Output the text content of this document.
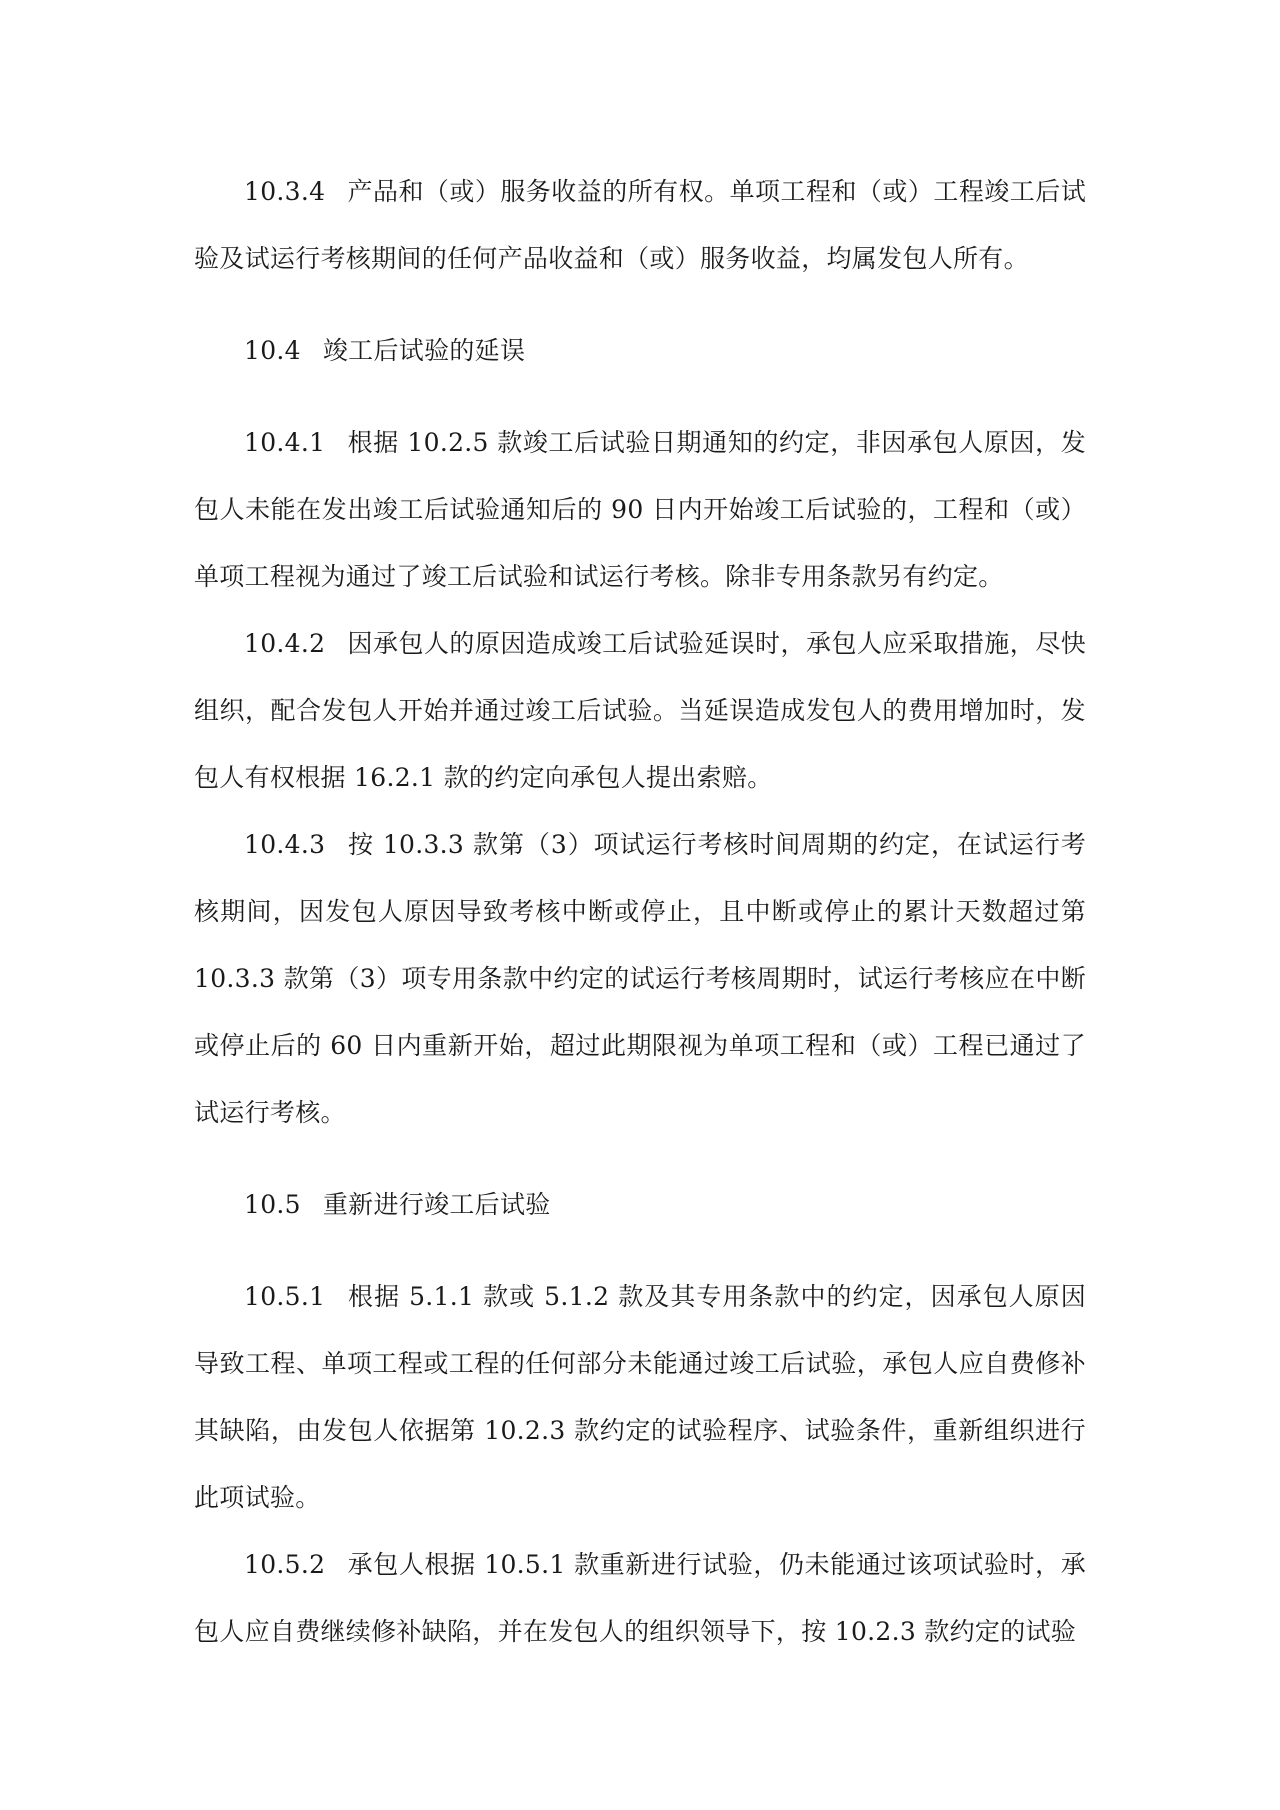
10.3.4 产品和（或）服务收益的所有权。单项工程和（或）工程竣工后试验及试运行考核期间的任何产品收益和（或）服务收益，均属发包人所有。

10.4 竣工后试验的延误

10.4.1 根据 10.2.5 款竣工后试验日期通知的约定，非因承包人原因，发包人未能在发出竣工后试验通知后的 90 日内开始竣工后试验的，工程和（或）单项工程视为通过了竣工后试验和试运行考核。除非专用条款另有约定。

10.4.2 因承包人的原因造成竣工后试验延误时，承包人应采取措施，尽快组织，配合发包人开始并通过竣工后试验。当延误造成发包人的费用增加时，发包人有权根据 16.2.1 款的约定向承包人提出索赔。

10.4.3 按 10.3.3 款第（3）项试运行考核时间周期的约定，在试运行考核期间，因发包人原因导致考核中断或停止，且中断或停止的累计天数超过第 10.3.3 款第（3）项专用条款中约定的试运行考核周期时，试运行考核应在中断或停止后的 60 日内重新开始，超过此期限视为单项工程和（或）工程已通过了试运行考核。

10.5 重新进行竣工后试验

10.5.1 根据 5.1.1 款或 5.1.2 款及其专用条款中的约定，因承包人原因导致工程、单项工程或工程的任何部分未能通过竣工后试验，承包人应自费修补其缺陷，由发包人依据第 10.2.3 款约定的试验程序、试验条件，重新组织进行此项试验。

10.5.2 承包人根据 10.5.1 款重新进行试验，仍未能通过该项试验时，承包人应自费继续修补缺陷，并在发包人的组织领导下，按 10.2.3 款约定的试验
